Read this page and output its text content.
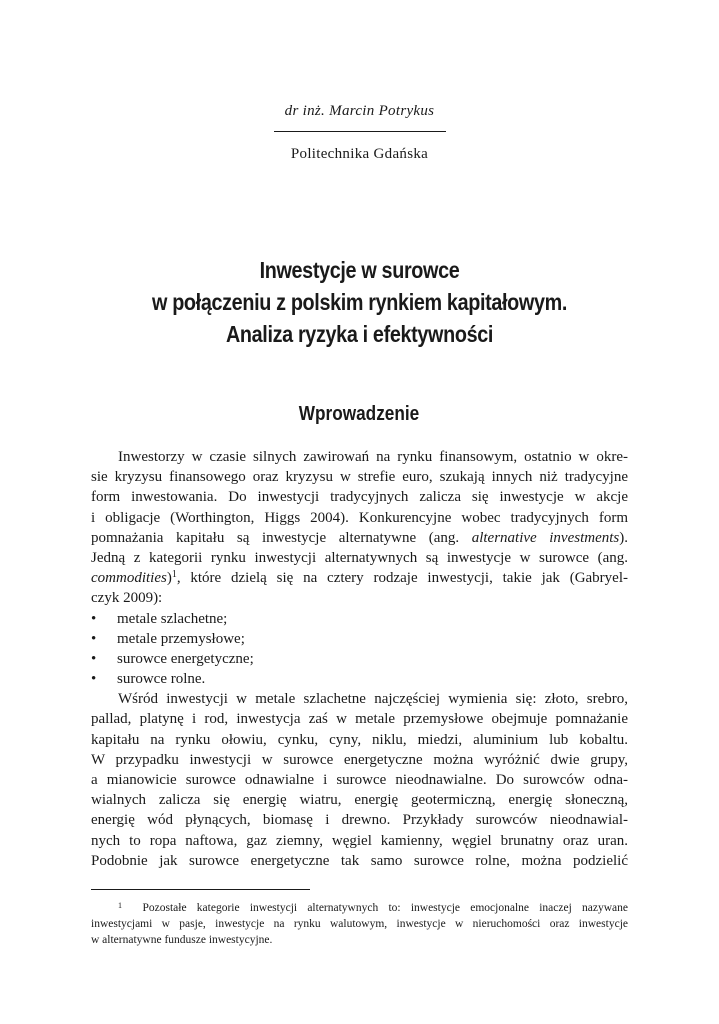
dr inż. Marcin Potrykus
Politechnika Gdańska
Inwestycje w surowce
w połączeniu z polskim rynkiem kapitałowym.
Analiza ryzyka i efektywności
Wprowadzenie
Inwestorzy w czasie silnych zawirowań na rynku finansowym, ostatnio w okre-
sie kryzysu finansowego oraz kryzysu w strefie euro, szukają innych niż tradycyjne
form inwestowania. Do inwestycji tradycyjnych zalicza się inwestycje w akcje
i obligacje (Worthington, Higgs 2004). Konkurencyjne wobec tradycyjnych form
pomnażania kapitału są inwestycje alternatywne (ang. alternative investments).
Jedną z kategorii rynku inwestycji alternatywnych są inwestycje w surowce (ang.
commodities)$^1$, które dzielą się na cztery rodzaje inwestycji, takie jak (Gabryel-
czyk 2009):
• metale szlachetne;
• metale przemysłowe;
• surowce energetyczne;
• surowce rolne.
Wśród inwestycji w metale szlachetne najczęściej wymienia się: złoto, srebro,
pallad, platynę i rod, inwestycja zaś w metale przemysłowe obejmuje pomnażanie
kapitału na rynku ołowiu, cynku, cyny, niklu, miedzi, aluminium lub kobaltu.
W przypadku inwestycji w surowce energetyczne można wyróżnić dwie grupy,
a mianowicie surowce odnawialne i surowce nieodnawialne. Do surowców odna-
wialnych zalicza się energię wiatru, energię geotermiczną, energię słoneczną,
energię wód płynących, biomasę i drewno. Przykłady surowców nieodnawial-
nych to ropa naftowa, gaz ziemny, węgiel kamienny, węgiel brunatny oraz uran.
Podobnie jak surowce energetyczne tak samo surowce rolne, można podzielić
$^1$ Pozostałe kategorie inwestycji alternatywnych to: inwestycje emocjonalne inaczej nazywane
inwestycjami w pasje, inwestycje na rynku walutowym, inwestycje w nieruchomości oraz inwestycje
w alternatywne fundusze inwestycyjne.
